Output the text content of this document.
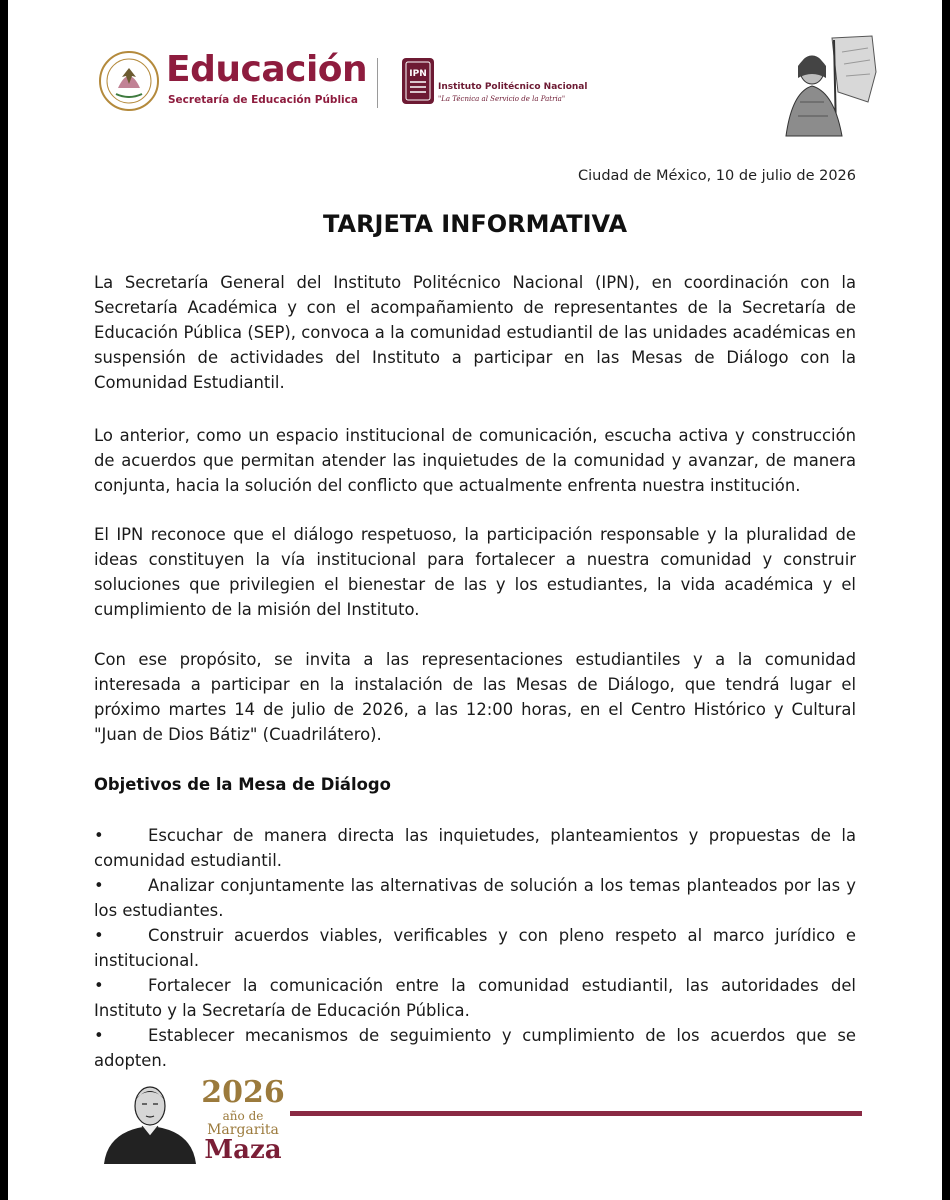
Educación
Secretaría de Educación Pública
IPN
Instituto Politécnico Nacional
"La Técnica al Servicio de la Patria"
Ciudad de México, 10 de julio de 2026
TARJETA INFORMATIVA

La Secretaría General del Instituto Politécnico Nacional (IPN), en coordinación con la Secretaría Académica y con el acompañamiento de representantes de la Secretaría de Educación Pública (SEP), convoca a la comunidad estudiantil de las unidades académicas en suspensión de actividades del Instituto a participar en las Mesas de Diálogo con la Comunidad Estudiantil.

Lo anterior, como un espacio institucional de comunicación, escucha activa y construcción de acuerdos que permitan atender las inquietudes de la comunidad y avanzar, de manera conjunta, hacia la solución del conflicto que actualmente enfrenta nuestra institución.

El IPN reconoce que el diálogo respetuoso, la participación responsable y la pluralidad de ideas constituyen la vía institucional para fortalecer a nuestra comunidad y construir soluciones que privilegien el bienestar de las y los estudiantes, la vida académica y el cumplimiento de la misión del Instituto.

Con ese propósito, se invita a las representaciones estudiantiles y a la comunidad interesada a participar en la instalación de las Mesas de Diálogo, que tendrá lugar el próximo martes 14 de julio de 2026, a las 12:00 horas, en el Centro Histórico y Cultural "Juan de Dios Bátiz" (Cuadrilátero).

Objetivos de la Mesa de Diálogo

•	Escuchar de manera directa las inquietudes, planteamientos y propuestas de la comunidad estudiantil.
•	Analizar conjuntamente las alternativas de solución a los temas planteados por las y los estudiantes.
•	Construir acuerdos viables, verificables y con pleno respeto al marco jurídico e institucional.
•	Fortalecer la comunicación entre la comunidad estudiantil, las autoridades del Instituto y la Secretaría de Educación Pública.
•	Establecer mecanismos de seguimiento y cumplimiento de los acuerdos que se adopten.
2026
año de
Margarita
Maza
